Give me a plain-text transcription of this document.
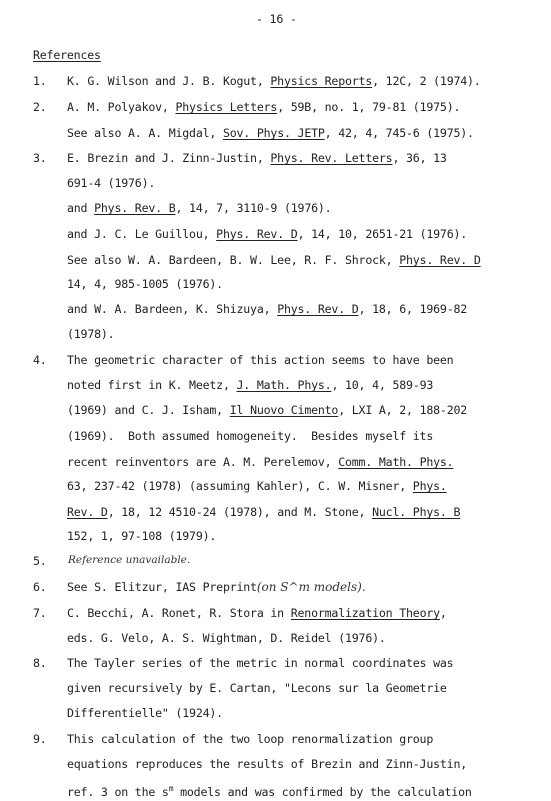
- 16 -
References
1. K. G. Wilson and J. B. Kogut, Physics Reports, 12C, 2 (1974).
2. A. M. Polyakov, Physics Letters, 59B, no. 1, 79-81 (1975).
See also A. A. Migdal, Sov. Phys. JETP, 42, 4, 745-6 (1975).
3. E. Brezin and J. Zinn-Justin, Phys. Rev. Letters, 36, 13
691-4 (1976).
and Phys. Rev. B, 14, 7, 3110-9 (1976).
and J. C. Le Guillou, Phys. Rev. D, 14, 10, 2651-21 (1976).
See also W. A. Bardeen, B. W. Lee, R. F. Shrock, Phys. Rev. D
14, 4, 985-1005 (1976).
and W. A. Bardeen, K. Shizuya, Phys. Rev. D, 18, 6, 1969-82
(1978).
4. The geometric character of this action seems to have been
noted first in K. Meetz, J. Math. Phys., 10, 4, 589-93
(1969) and C. J. Isham, Il Nuovo Cimento, LXI A, 2, 188-202
(1969).  Both assumed homogeneity.  Besides myself its
recent reinventors are A. M. Perelemov, Comm. Math. Phys.
63, 237-42 (1978) (assuming Kahler), C. W. Misner, Phys.
Rev. D, 18, 12 4510-24 (1978), and M. Stone, Nucl. Phys. B
152, 1, 97-108 (1979).
5. Reference unavailable.
6. See S. Elitzur, IAS Preprint(on S^m models).
7. C. Becchi, A. Ronet, R. Stora in Renormalization Theory,
eds. G. Velo, A. S. Wightman, D. Reidel (1976).
8. The Tayler series of the metric in normal coordinates was
given recursively by E. Cartan, "Lecons sur la Geometrie
Differentielle" (1924).
9. This calculation of the two loop renormalization group
equations reproduces the results of Brezin and Zinn-Justin,
ref. 3 on the $s^m$ models and was confirmed by the calculation
